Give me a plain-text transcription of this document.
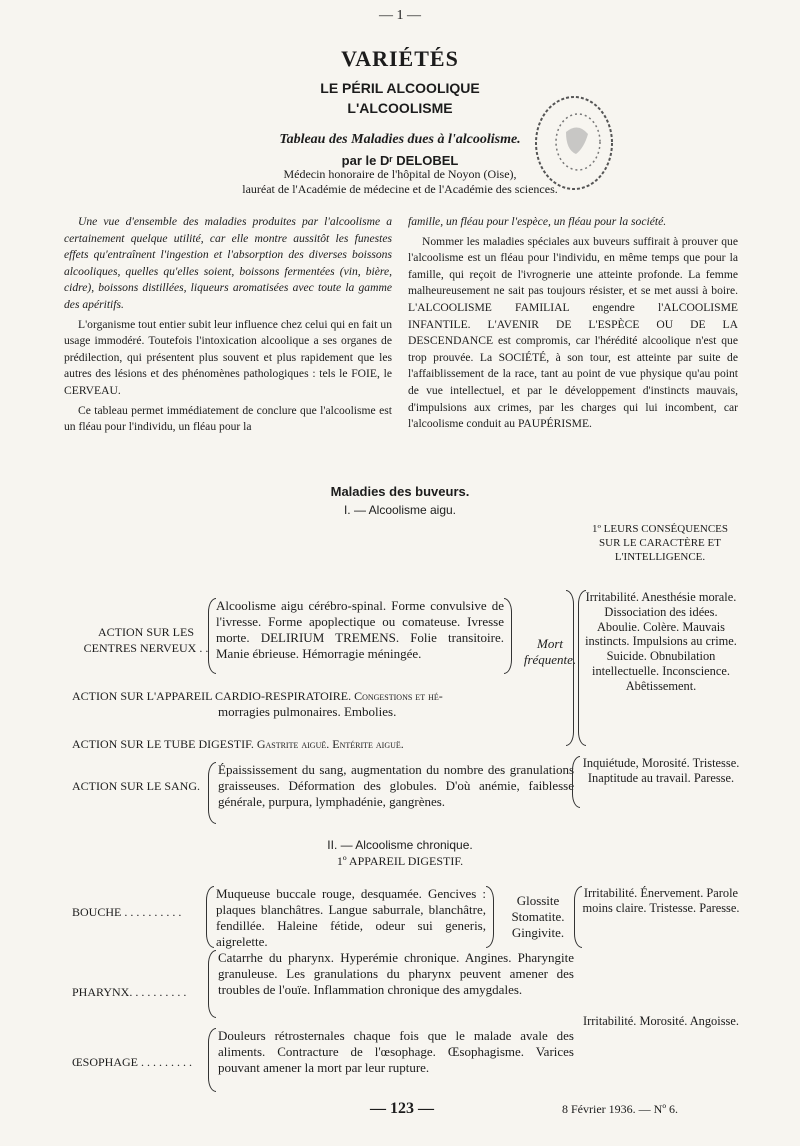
— 1 —
VARIÉTÉS
LE PÉRIL ALCOOLIQUE
L'ALCOOLISME
Tableau des Maladies dues à l'alcoolisme.
par le Dʳ DELOBEL
Médecin honoraire de l'hôpital de Noyon (Oise),
lauréat de l'Académie de médecine et de l'Académie des sciences.

Une vue d'ensemble des maladies produites par l'alcoolisme a certainement quelque utilité, car elle montre aussitôt les funestes effets qu'entraînent l'ingestion et l'absorption des diverses boissons alcooliques, quelles qu'elles soient, boissons fermentées (vin, bière, cidre), boissons distillées, liqueurs aromatisées avec toute la gamme des apéritifs.

L'organisme tout entier subit leur influence chez celui qui en fait un usage immodéré. Toutefois l'intoxication alcoolique a ses organes de prédilection, qui présentent plus souvent et plus rapidement que les autres des lésions et des phénomènes pathologiques : tels le FOIE, le CERVEAU.

Ce tableau permet immédiatement de conclure que l'alcoolisme est un fléau pour l'individu, un fléau pour la

famille, un fléau pour l'espèce, un fléau pour la société.

Nommer les maladies spéciales aux buveurs suffirait à prouver que l'alcoolisme est un fléau pour l'individu, en même temps que pour la famille, qui reçoit de l'ivrognerie une atteinte profonde. La femme malheureusement ne sait pas toujours résister, et se met aussi à boire. L'ALCOOLISME FAMILIAL engendre l'ALCOOLISME INFANTILE. L'AVENIR DE L'ESPÈCE OU DE LA DESCENDANCE est compromis, car l'hérédité alcoolique n'est que trop prouvée. La SOCIÉTÉ, à son tour, est atteinte par suite de l'affaiblissement de la race, tant au point de vue physique qu'au point de vue intellectuel, et par le développement d'instincts mauvais, d'impulsions aux crimes, par les charges qui lui incombent, car l'alcoolisme conduit au PAUPÉRISME.

Maladies des buveurs.
I. — Alcoolisme aigu.
1º LEURS CONSÉQUENCES SUR LE CARACTÈRE ET L'INTELLIGENCE.
ACTION SUR LES CENTRES NERVEUX . .
Alcoolisme aigu cérébro-spinal. Forme convulsive de l'ivresse. Forme apoplectique ou comateuse. Ivresse morte. DELIRIUM TREMENS. Folie transitoire. Manie ébrieuse. Hémorragie méningée.
Mort fréquente.
Irritabilité. Anesthésie morale. Dissociation des idées. Aboulie. Colère. Mauvais instincts. Impulsions au crime. Suicide. Obnubilation intellectuelle. Inconscience. Abêtissement.
ACTION SUR L'APPAREIL CARDIO-RESPIRATOIRE. Congestions et hé-
morragies pulmonaires. Embolies.
ACTION SUR LE TUBE DIGESTIF. Gastrite aiguë. Entérite aiguë.
ACTION SUR LE SANG.
Épaississement du sang, augmentation du nombre des granulations graisseuses. Déformation des globules. D'où anémie, faiblesse générale, purpura, lymphadénie, gangrènes.
Inquiétude, Morosité. Tristesse. Inaptitude au travail. Paresse.
II. — Alcoolisme chronique.
1º APPAREIL DIGESTIF.
BOUCHE . . . . . . . . . .
Muqueuse buccale rouge, desquamée. Gencives : plaques blanchâtres. Langue saburrale, blanchâtre, fendillée. Haleine fétide, odeur sui generis, aigrelette.
Glossite Stomatite. Gingivite.
Irritabilité. Énervement. Parole moins claire. Tristesse. Paresse.
PHARYNX. . . . . . . . . .
Catarrhe du pharynx. Hyperémie chronique. Angines. Pharyngite granuleuse. Les granulations du pharynx peuvent amener des troubles de l'ouïe. Inflammation chronique des amygdales.
Irritabilité. Morosité. Angoisse.
ŒSOPHAGE . . . . . . . . .
Douleurs rétrosternales chaque fois que le malade avale des aliments. Contracture de l'œsophage. Œsophagisme. Varices pouvant amener la mort par leur rupture.
— 123 —	8 Février 1936. — Nº 6.
